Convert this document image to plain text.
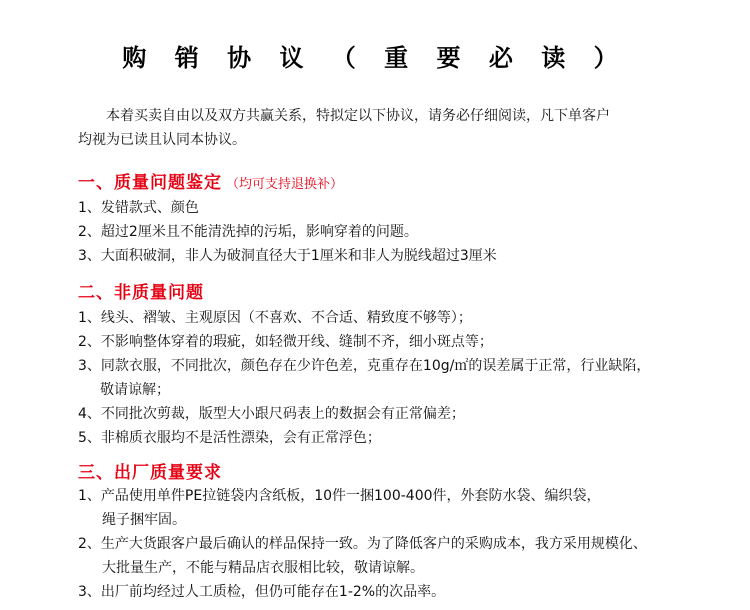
购 销 协 议 （ 重 要 必 读 ）
本着买卖自由以及双方共赢关系，特拟定以下协议，请务必仔细阅读，凡下单客户
均视为已读且认同本协议。
一、质量问题鉴定 （均可支持退换补）
1、发错款式、颜色
2、超过2厘米且不能清洗掉的污垢，影响穿着的问题。
3、大面积破洞，非人为破洞直径大于1厘米和非人为脱线超过3厘米
二、非质量问题
1、线头、褶皱、主观原因（不喜欢、不合适、精致度不够等）；
2、不影响整体穿着的瑕疵，如轻微开线、缝制不齐，细小斑点等；
3、同款衣服，不同批次，颜色存在少许色差，克重存在10g/㎡的误差属于正常，行业缺陷，
敬请谅解；
4、不同批次剪裁，版型大小跟尺码表上的数据会有正常偏差；
5、非棉质衣服均不是活性漂染，会有正常浮色；
三、出厂质量要求
1、产品使用单件PE拉链袋内含纸板，10件一捆100-400件，外套防水袋、编织袋，
绳子捆牢固。
2、生产大货跟客户最后确认的样品保持一致。为了降低客户的采购成本，我方采用规模化、
大批量生产，不能与精品店衣服相比较，敬请谅解。
3、出厂前均经过人工质检，但仍可能存在1-2%的次品率。
